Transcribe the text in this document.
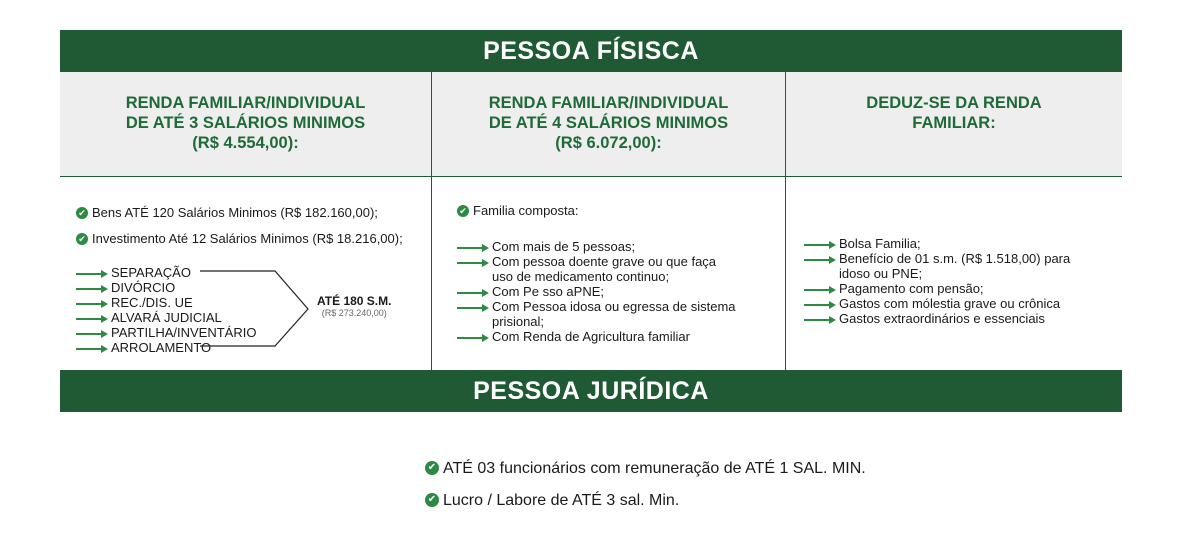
PESSOA FÍSISCA
RENDA FAMILIAR/INDIVIDUAL
DE ATÉ 3 SALÁRIOS MINIMOS
(R$ 4.554,00):
✔Bens ATÉ 120 Salários Minimos (R$ 182.160,00);
✔Investimento Até 12 Salários Minimos (R$ 18.216,00);
SEPARAÇÃO
DIVÓRCIO
REC./DIS. UE
ALVARÁ JUDICIAL
PARTILHA/INVENTÁRIO
ARROLAMENTO
ATÉ 180 S.M.
(R$ 273.240,00)
RENDA FAMILIAR/INDIVIDUAL
DE ATÉ 4 SALÁRIOS MINIMOS
(R$ 6.072,00):
✔Familia composta:
Com mais de 5 pessoas;
Com pessoa doente grave ou que faça
uso de medicamento continuo;
Com Pe sso aPNE;
Com Pessoa idosa ou egressa de sistema
prisional;
Com Renda de Agricultura familiar
DEDUZ-SE DA RENDA
FAMILIAR:
Bolsa Familia;
Benefício de 01 s.m. (R$ 1.518,00) para
idoso ou PNE;
Pagamento com pensão;
Gastos com mólestia grave ou crônica
Gastos extraordinários e essenciais
PESSOA JURÍDICA
✔ATÉ 03 funcionários com remuneração de ATÉ 1 SAL. MIN.
✔Lucro / Labore de ATÉ 3 sal. Min.
